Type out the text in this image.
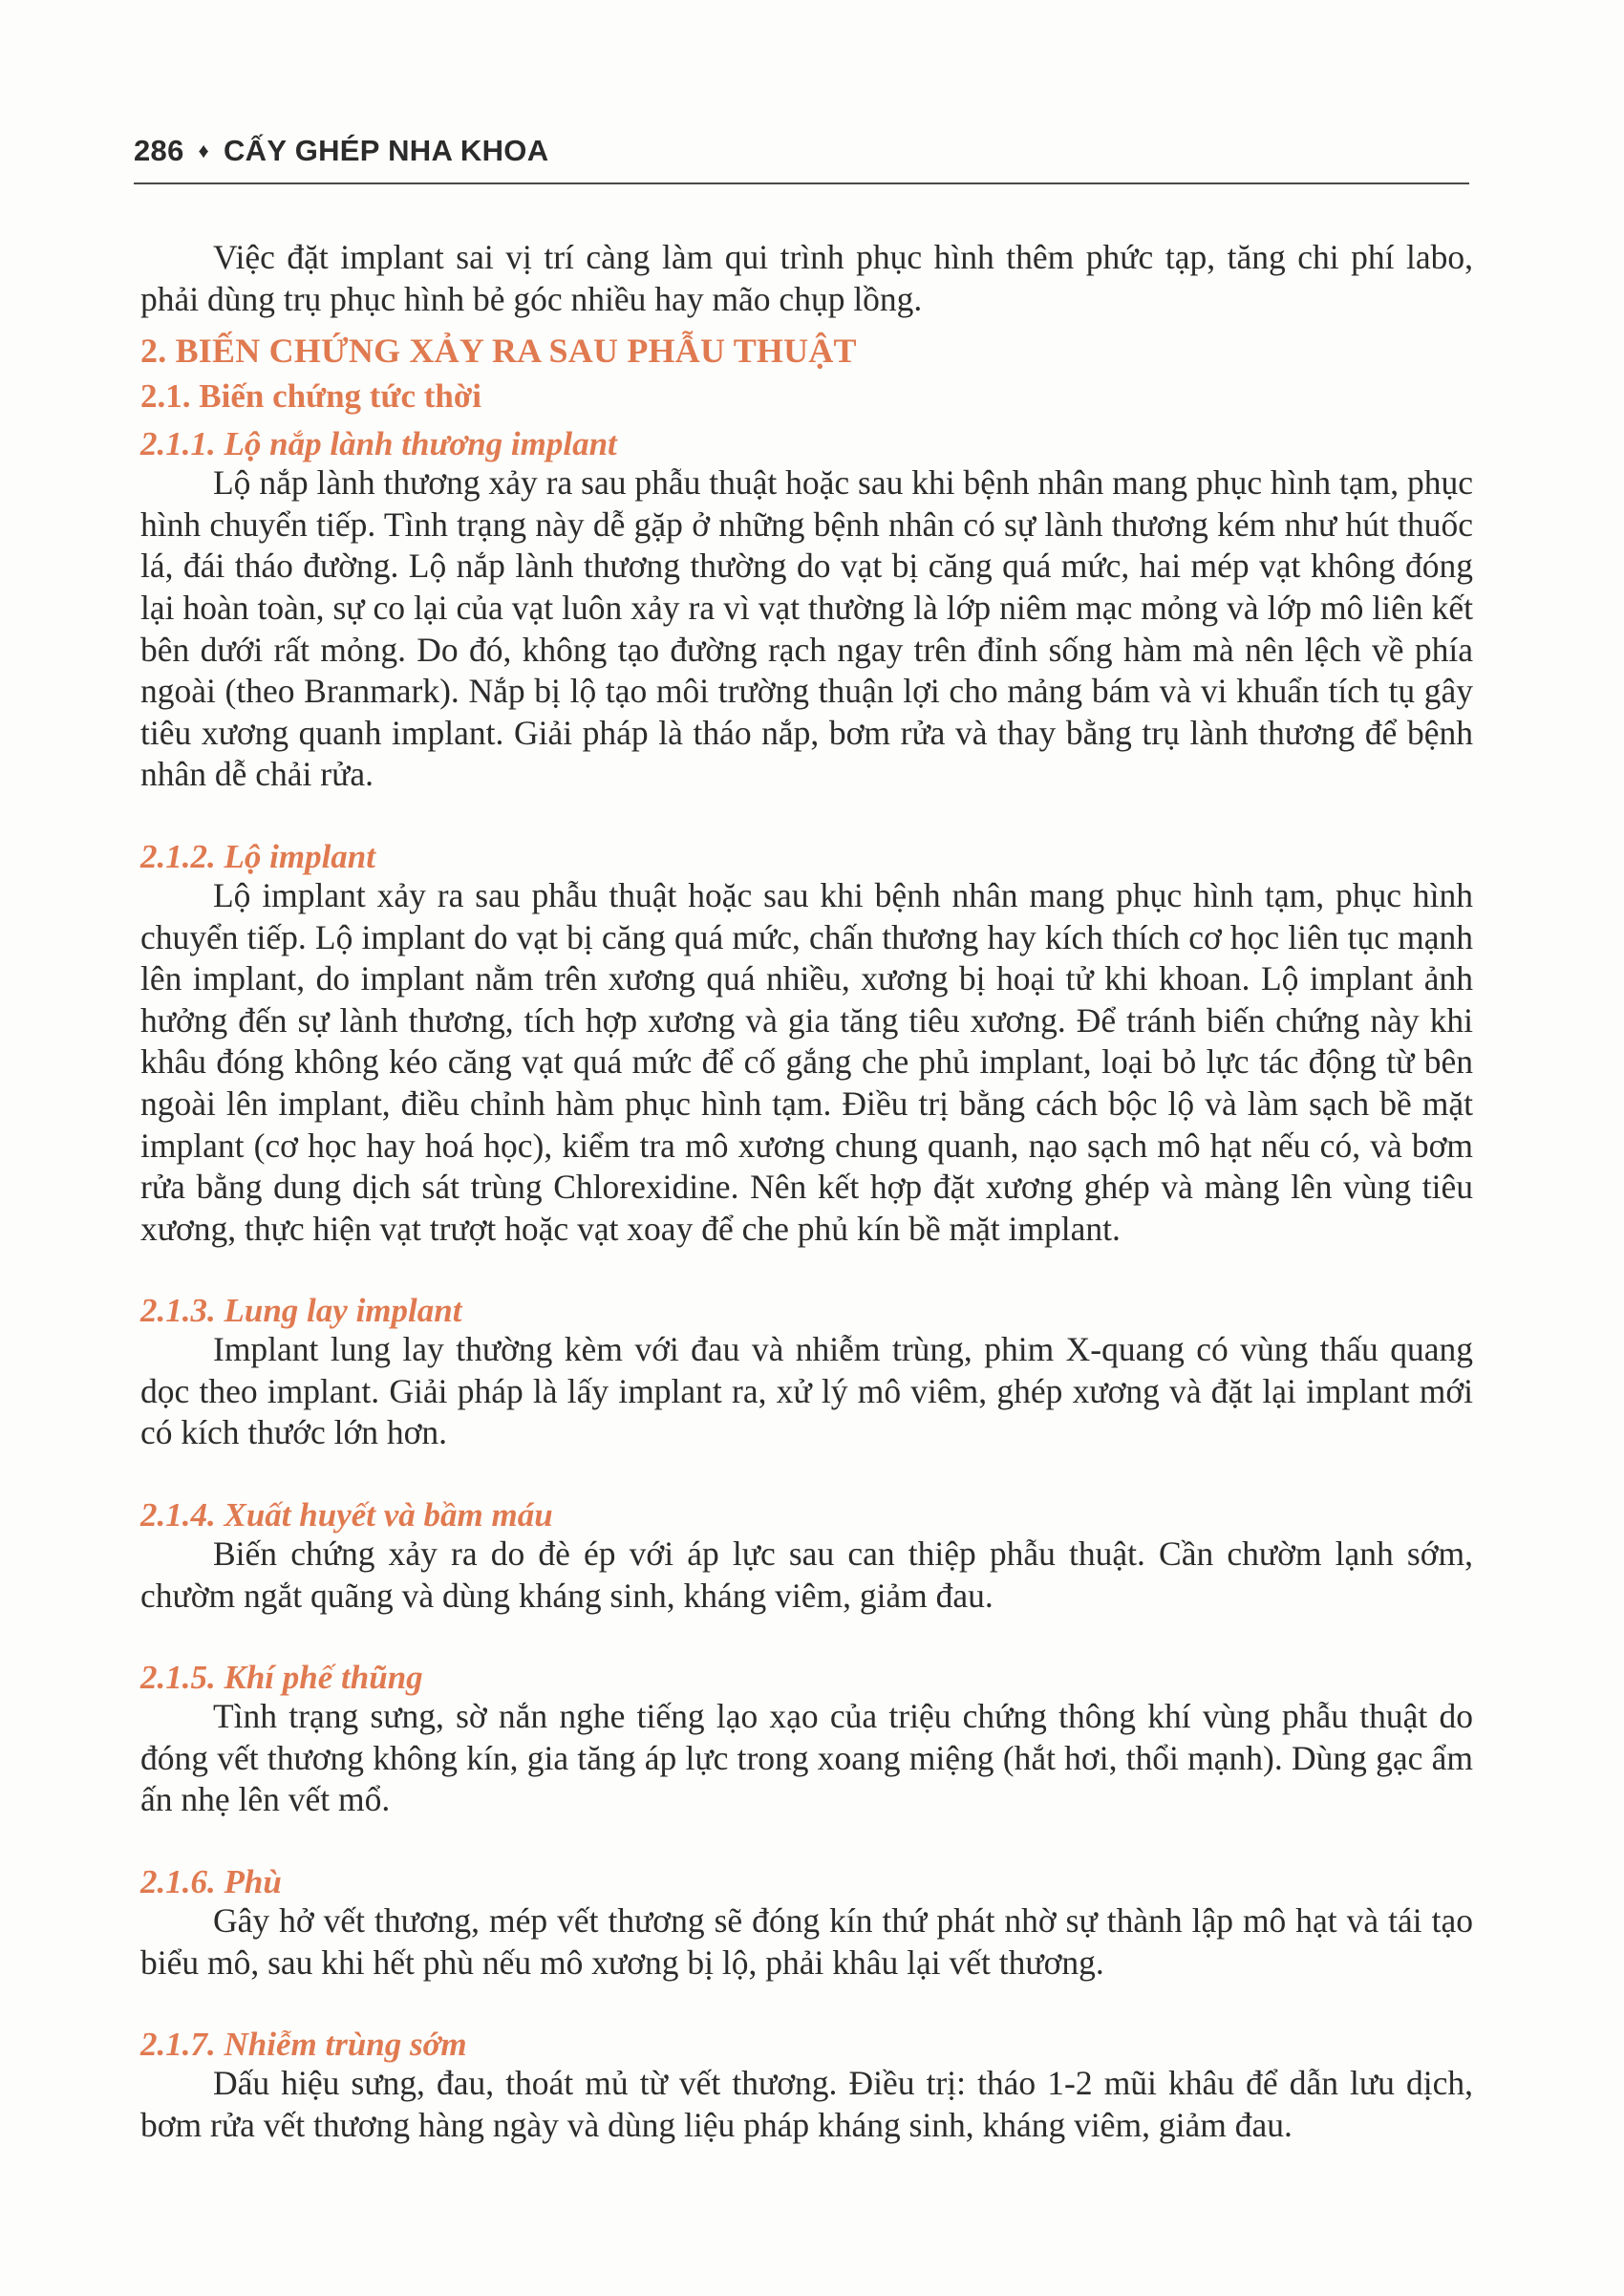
286 ♦ CẤY GHÉP NHA KHOA

Việc đặt implant sai vị trí càng làm qui trình phục hình thêm phức tạp, tăng chi phí labo, phải dùng trụ phục hình bẻ góc nhiều hay mão chụp lồng.

2. BIẾN CHỨNG XẢY RA SAU PHẪU THUẬT
2.1. Biến chứng tức thời
2.1.1. Lộ nắp lành thương implant

Lộ nắp lành thương xảy ra sau phẫu thuật hoặc sau khi bệnh nhân mang phục hình tạm, phục hình chuyển tiếp. Tình trạng này dễ gặp ở những bệnh nhân có sự lành thương kém như hút thuốc lá, đái tháo đường. Lộ nắp lành thương thường do vạt bị căng quá mức, hai mép vạt không đóng lại hoàn toàn, sự co lại của vạt luôn xảy ra vì vạt thường là lớp niêm mạc mỏng và lớp mô liên kết bên dưới rất mỏng. Do đó, không tạo đường rạch ngay trên đỉnh sống hàm mà nên lệch về phía ngoài (theo Branmark). Nắp bị lộ tạo môi trường thuận lợi cho mảng bám và vi khuẩn tích tụ gây tiêu xương quanh implant. Giải pháp là tháo nắp, bơm rửa và thay bằng trụ lành thương để bệnh nhân dễ chải rửa.

2.1.2. Lộ implant

Lộ implant xảy ra sau phẫu thuật hoặc sau khi bệnh nhân mang phục hình tạm, phục hình chuyển tiếp. Lộ implant do vạt bị căng quá mức, chấn thương hay kích thích cơ học liên tục mạnh lên implant, do implant nằm trên xương quá nhiều, xương bị hoại tử khi khoan. Lộ implant ảnh hưởng đến sự lành thương, tích hợp xương và gia tăng tiêu xương. Để tránh biến chứng này khi khâu đóng không kéo căng vạt quá mức để cố gắng che phủ implant, loại bỏ lực tác động từ bên ngoài lên implant, điều chỉnh hàm phục hình tạm. Điều trị bằng cách bộc lộ và làm sạch bề mặt implant (cơ học hay hoá học), kiểm tra mô xương chung quanh, nạo sạch mô hạt nếu có, và bơm rửa bằng dung dịch sát trùng Chlorexidine. Nên kết hợp đặt xương ghép và màng lên vùng tiêu xương, thực hiện vạt trượt hoặc vạt xoay để che phủ kín bề mặt implant.

2.1.3. Lung lay implant

Implant lung lay thường kèm với đau và nhiễm trùng, phim X-quang có vùng thấu quang dọc theo implant. Giải pháp là lấy implant ra, xử lý mô viêm, ghép xương và đặt lại implant mới có kích thước lớn hơn.

2.1.4. Xuất huyết và bầm máu

Biến chứng xảy ra do đè ép với áp lực sau can thiệp phẫu thuật. Cần chườm lạnh sớm, chườm ngắt quãng và dùng kháng sinh, kháng viêm, giảm đau.

2.1.5. Khí phế thũng

Tình trạng sưng, sờ nắn nghe tiếng lạo xạo của triệu chứng thông khí vùng phẫu thuật do đóng vết thương không kín, gia tăng áp lực trong xoang miệng (hắt hơi, thổi mạnh). Dùng gạc ẩm ấn nhẹ lên vết mổ.

2.1.6. Phù

Gây hở vết thương, mép vết thương sẽ đóng kín thứ phát nhờ sự thành lập mô hạt và tái tạo biểu mô, sau khi hết phù nếu mô xương bị lộ, phải khâu lại vết thương.

2.1.7. Nhiễm trùng sớm

Dấu hiệu sưng, đau, thoát mủ từ vết thương. Điều trị: tháo 1-2 mũi khâu để dẫn lưu dịch, bơm rửa vết thương hàng ngày và dùng liệu pháp kháng sinh, kháng viêm, giảm đau.
